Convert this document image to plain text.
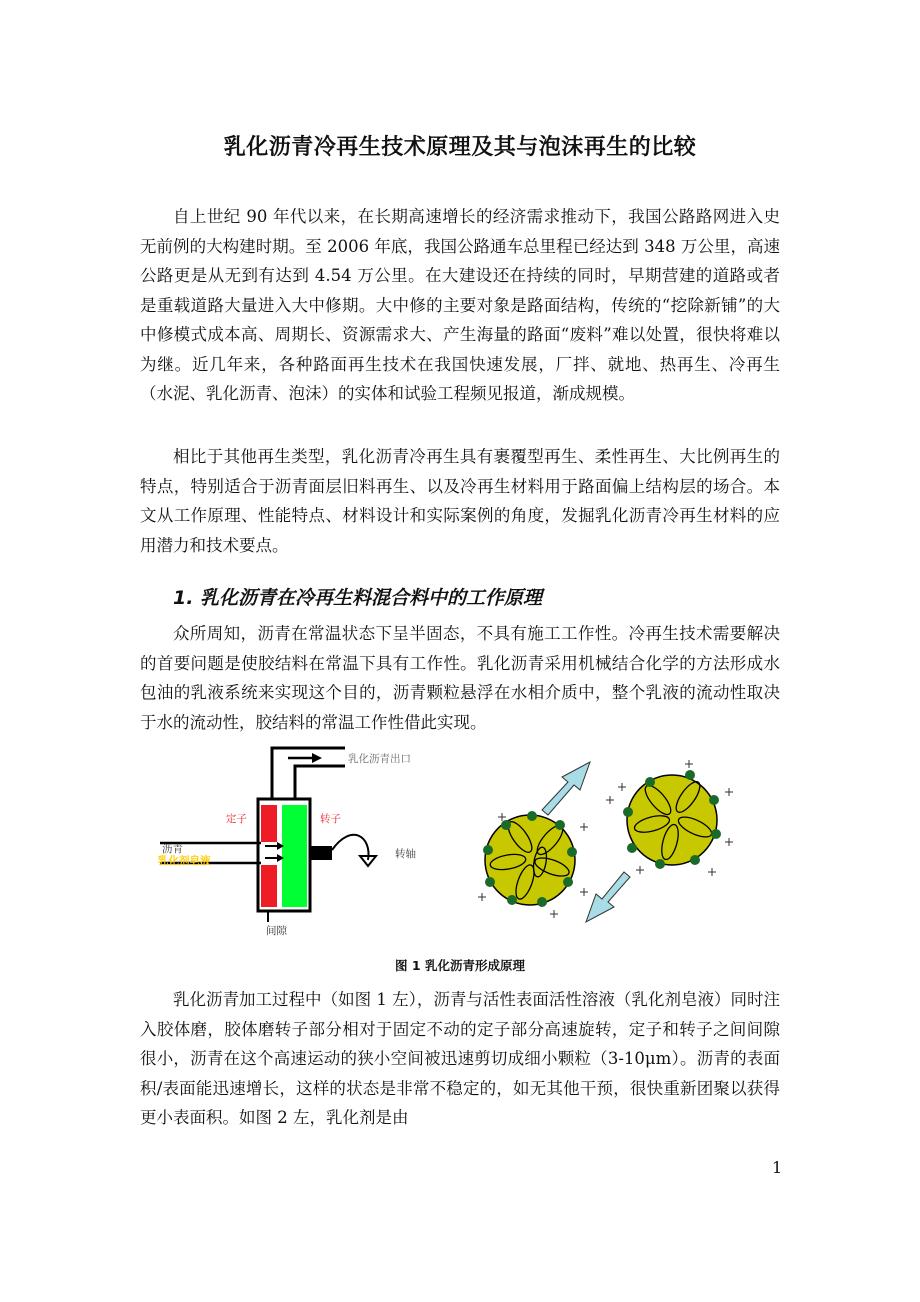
乳化沥青冷再生技术原理及其与泡沫再生的比较

自上世纪 90 年代以来，在长期高速增长的经济需求推动下，我国公路路网进入史无前例的大构建时期。至 2006 年底，我国公路通车总里程已经达到 348 万公里，高速公路更是从无到有达到 4.54 万公里。在大建设还在持续的同时，早期营建的道路或者是重载道路大量进入大中修期。大中修的主要对象是路面结构，传统的“挖除新铺”的大中修模式成本高、周期长、资源需求大、产生海量的路面“废料”难以处置，很快将难以为继。近几年来，各种路面再生技术在我国快速发展，厂拌、就地、热再生、冷再生（水泥、乳化沥青、泡沫）的实体和试验工程频见报道，渐成规模。

相比于其他再生类型，乳化沥青冷再生具有裹覆型再生、柔性再生、大比例再生的特点，特别适合于沥青面层旧料再生、以及冷再生材料用于路面偏上结构层的场合。本文从工作原理、性能特点、材料设计和实际案例的角度，发掘乳化沥青冷再生材料的应用潜力和技术要点。

1. 乳化沥青在冷再生料混合料中的工作原理

众所周知，沥青在常温状态下呈半固态，不具有施工工作性。冷再生技术需要解决的首要问题是使胶结料在常温下具有工作性。乳化沥青采用机械结合化学的方法形成水包油的乳液系统来实现这个目的，沥青颗粒悬浮在水相介质中，整个乳液的流动性取决于水的流动性，胶结料的常温工作性借此实现。

乳化沥青出口
定子	转子
沥青
乳化剂皂液
转轴
间隙
图 1 乳化沥青形成原理

乳化沥青加工过程中（如图 1 左），沥青与活性表面活性溶液（乳化剂皂液）同时注入胶体磨，胶体磨转子部分相对于固定不动的定子部分高速旋转，定子和转子之间间隙很小，沥青在这个高速运动的狭小空间被迅速剪切成细小颗粒（3-10μm）。沥青的表面积/表面能迅速增长，这样的状态是非常不稳定的，如无其他干预，很快重新团聚以获得更小表面积。如图 2 左，乳化剂是由

1
